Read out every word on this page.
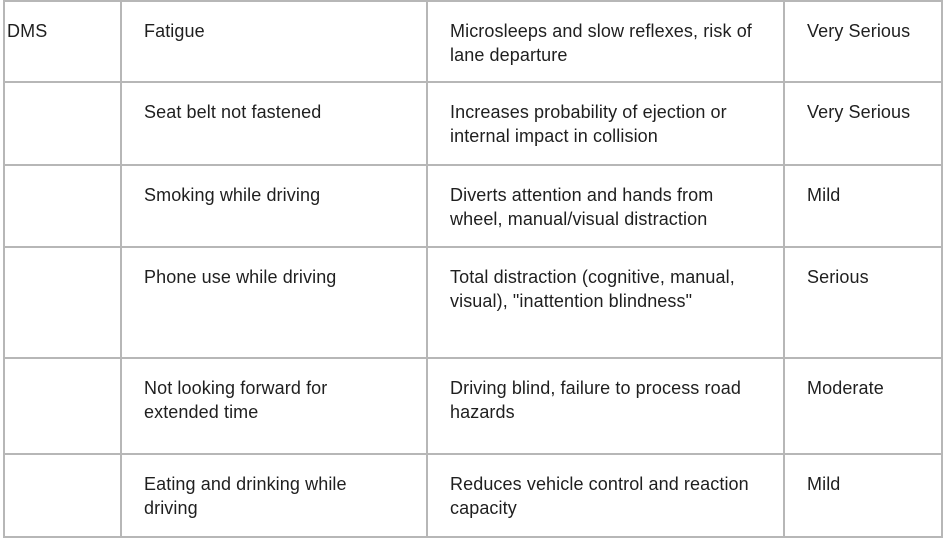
DMS	Fatigue	Microsleeps and slow reflexes, risk of lane departure	Very Serious
	Seat belt not fastened	Increases probability of ejection or internal impact in collision	Very Serious
	Smoking while driving	Diverts attention and hands from wheel, manual/visual distraction	Mild
	Phone use while driving	Total distraction (cognitive, manual, visual), "inattention blindness"	Serious
	Not looking forward for extended time	Driving blind, failure to process road hazards	Moderate
	Eating and drinking while driving	Reduces vehicle control and reaction capacity	Mild
